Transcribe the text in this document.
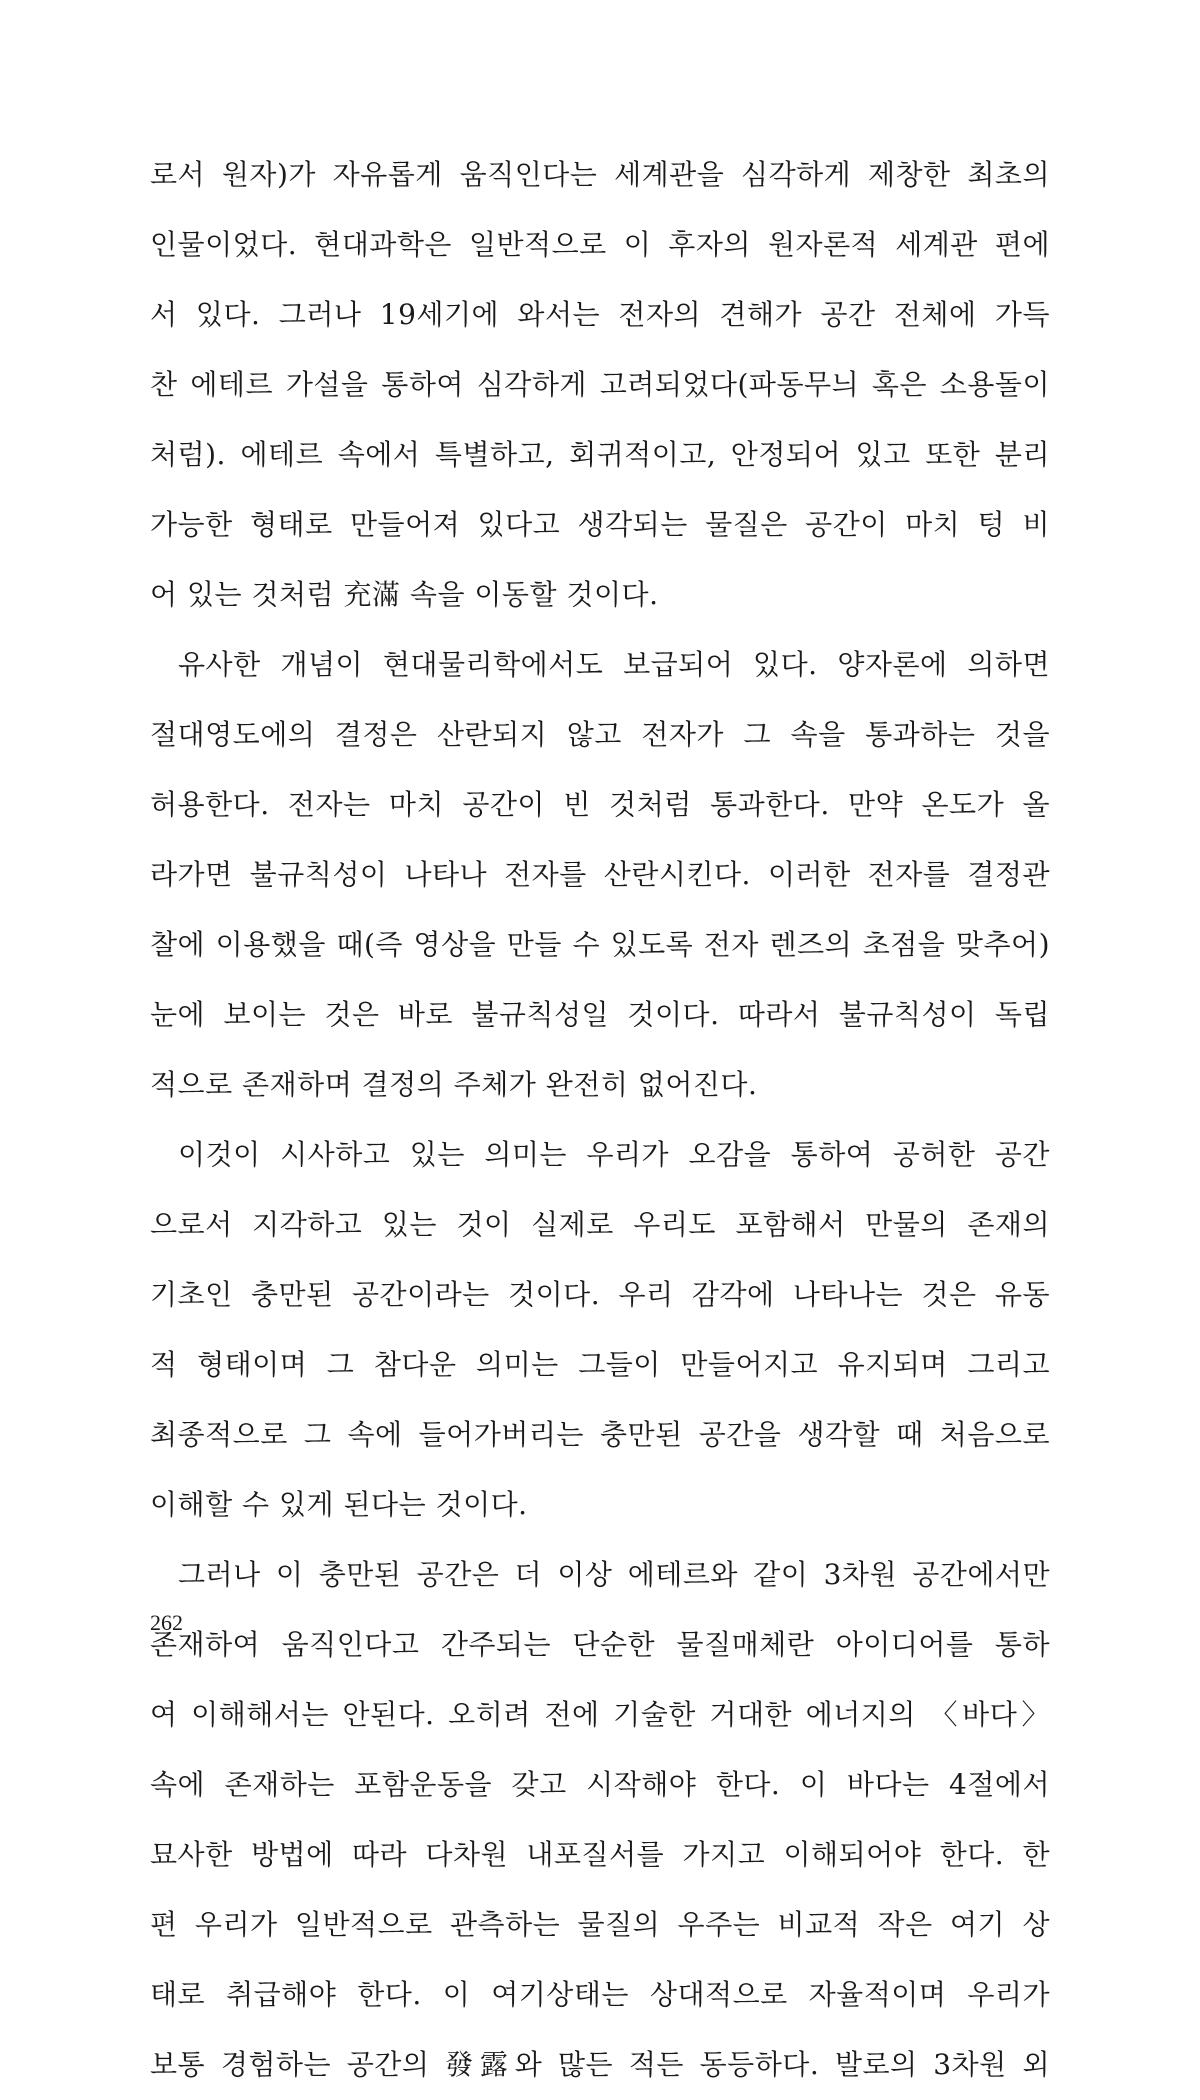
로서 원자)가 자유롭게 움직인다는 세계관을 심각하게 제창한 최초의
인물이었다. 현대과학은 일반적으로 이 후자의 원자론적 세계관 편에
서 있다. 그러나 19세기에 와서는 전자의 견해가 공간 전체에 가득
찬 에테르 가설을 통하여 심각하게 고려되었다(파동무늬 혹은 소용돌이
처럼). 에테르 속에서 특별하고, 회귀적이고, 안정되어 있고 또한 분리
가능한 형태로 만들어져 있다고 생각되는 물질은 공간이 마치 텅 비
어 있는 것처럼 充滿 속을 이동할 것이다.
유사한 개념이 현대물리학에서도 보급되어 있다. 양자론에 의하면
절대영도에의 결정은 산란되지 않고 전자가 그 속을 통과하는 것을
허용한다. 전자는 마치 공간이 빈 것처럼 통과한다. 만약 온도가 올
라가면 불규칙성이 나타나 전자를 산란시킨다. 이러한 전자를 결정관
찰에 이용했을 때(즉 영상을 만들 수 있도록 전자 렌즈의 초점을 맞추어)
눈에 보이는 것은 바로 불규칙성일 것이다. 따라서 불규칙성이 독립
적으로 존재하며 결정의 주체가 완전히 없어진다.
이것이 시사하고 있는 의미는 우리가 오감을 통하여 공허한 공간
으로서 지각하고 있는 것이 실제로 우리도 포함해서 만물의 존재의
기초인 충만된 공간이라는 것이다. 우리 감각에 나타나는 것은 유동
적 형태이며 그 참다운 의미는 그들이 만들어지고 유지되며 그리고
최종적으로 그 속에 들어가버리는 충만된 공간을 생각할 때 처음으로
이해할 수 있게 된다는 것이다.
그러나 이 충만된 공간은 더 이상 에테르와 같이 3차원 공간에서만
존재하여 움직인다고 간주되는 단순한 물질매체란 아이디어를 통하
여 이해해서는 안된다. 오히려 전에 기술한 거대한 에너지의 〈바다〉
속에 존재하는 포함운동을 갖고 시작해야 한다. 이 바다는 4절에서
묘사한 방법에 따라 다차원 내포질서를 가지고 이해되어야 한다. 한
편 우리가 일반적으로 관측하는 물질의 우주는 비교적 작은 여기 상
태로 취급해야 한다. 이 여기상태는 상대적으로 자율적이며 우리가
보통 경험하는 공간의 發露와 많든 적든 동등하다. 발로의 3차원 외
262
